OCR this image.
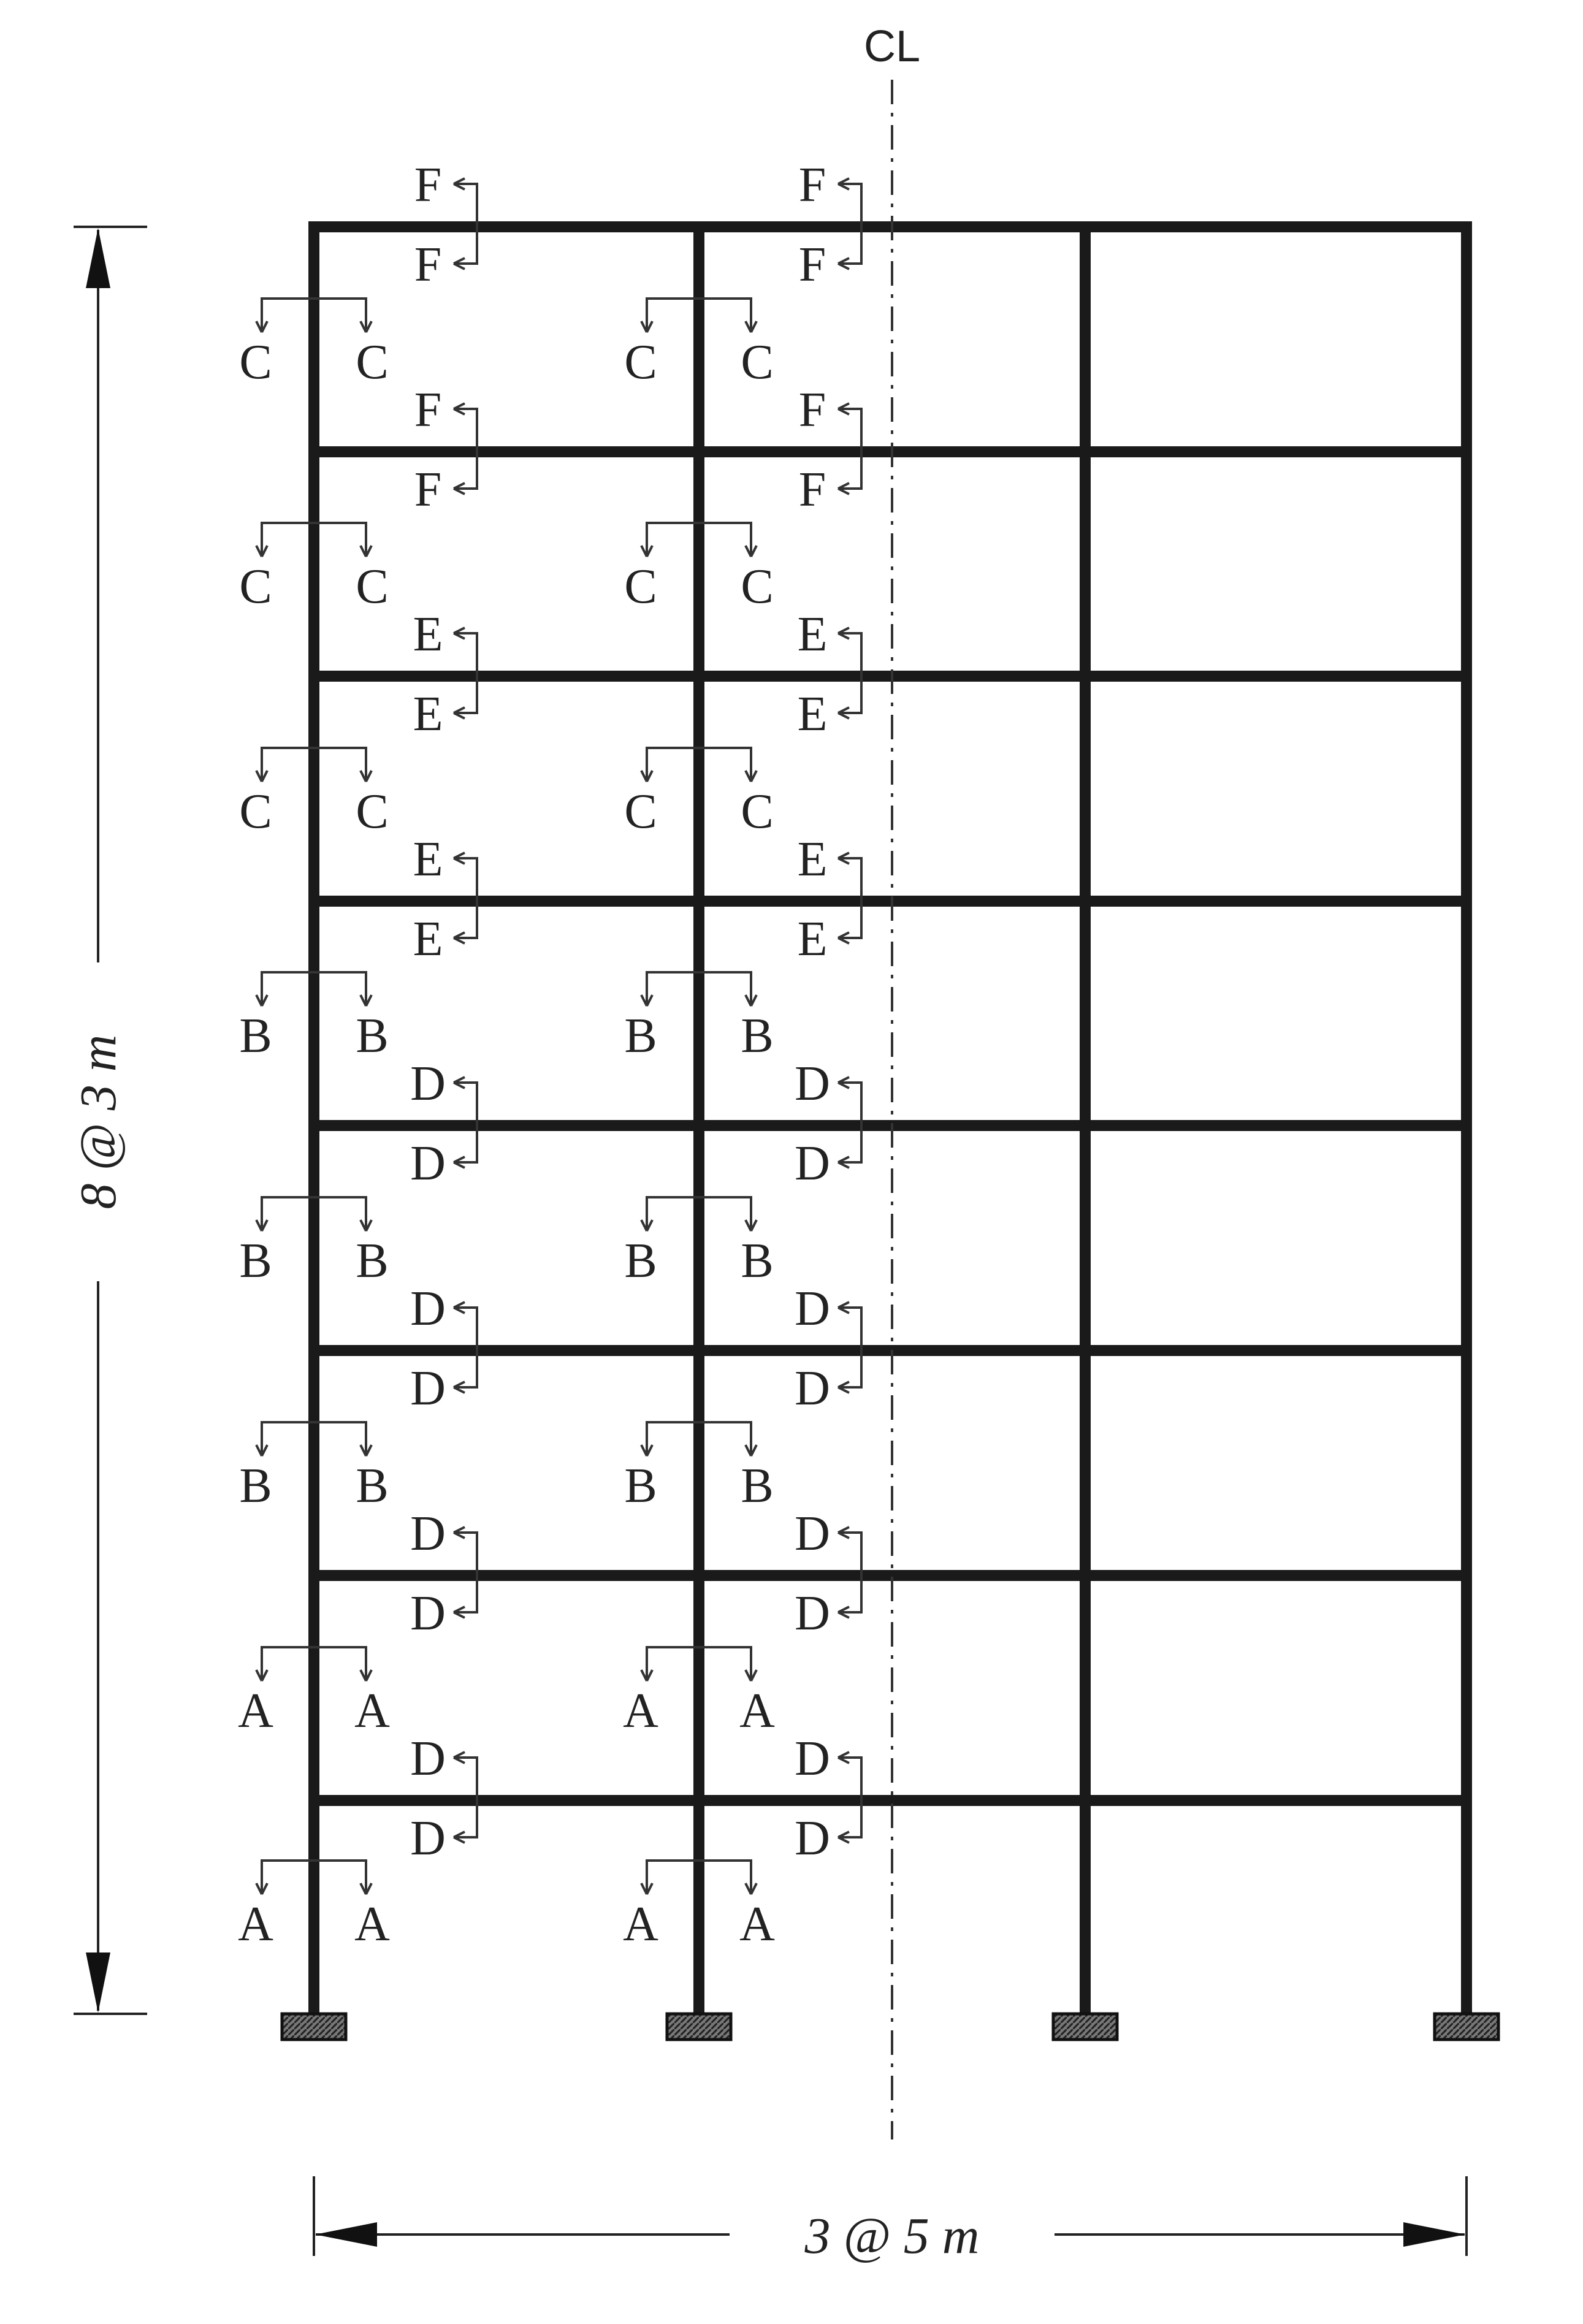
A A
A A
B B
B B
B B
C C
C C
C C
A A
A A
B B
B B
B B
C C
C C
C C
D
D
D
D
D
D
D
D
D
D
D
D
D
D
D
D
E
E
E
E
E
E
E
E
F
F
F
F
F
F
F
F
CL
8 @ 3 m
3 @ 5 m
